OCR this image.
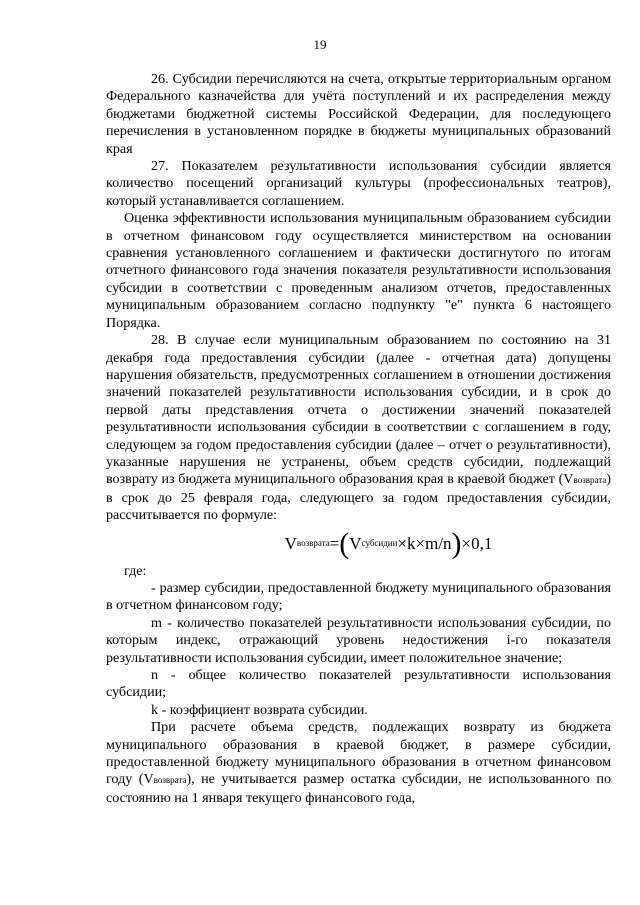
19

26. Субсидии перечисляются на счета, открытые территориальным органом Федерального казначейства для учёта поступлений и их распределения между бюджетами бюджетной системы Российской Федерации, для последующего перечисления в установленном порядке в бюджеты муниципальных образований края

27. Показателем результативности использования субсидии является количество посещений организаций культуры (профессиональных театров), который устанавливается соглашением.

Оценка эффективности использования муниципальным образованием субсидии в отчетном финансовом году осуществляется министерством на основании сравнения установленного соглашением и фактически достигнутого по итогам отчетного финансового года значения показателя результативности использования субсидии в соответствии с проведенным анализом отчетов, предоставленных муниципальным образованием согласно подпункту "е" пункта 6 настоящего Порядка.

28. В случае если муниципальным образованием по состоянию на 31 декабря года предоставления субсидии (далее - отчетная дата) допущены нарушения обязательств, предусмотренных соглашением в отношении достижения значений показателей результативности использования субсидии, и в срок до первой даты представления отчета о достижении значений показателей результативности использования субсидии в соответствии с соглашением в году, следующем за годом предоставления субсидии (далее – отчет о результативности), указанные нарушения не устранены, объем средств субсидии, подлежащий возврату из бюджета муниципального образования края в краевой бюджет (Vвозврата) в срок до 25 февраля года, следующего за годом предоставления субсидии, рассчитывается по формуле:

V возврата = ( V субсидии ×k×m/n ) ×0,1

где:

- размер субсидии, предоставленной бюджету муниципального образования в отчетном финансовом году;

m - количество показателей результативности использования субсидии, по которым индекс, отражающий уровень недостижения i-го показателя результативности использования субсидии, имеет положительное значение;

n - общее количество показателей результативности использования субсидии;

k - коэффициент возврата субсидии.

При расчете объема средств, подлежащих возврату из бюджета муниципального образования в краевой бюджет, в размере субсидии, предоставленной бюджету муниципального образования в отчетном финансовом году (Vвозврата), не учитывается размер остатка субсидии, не использованного по состоянию на 1 января текущего финансового года,
